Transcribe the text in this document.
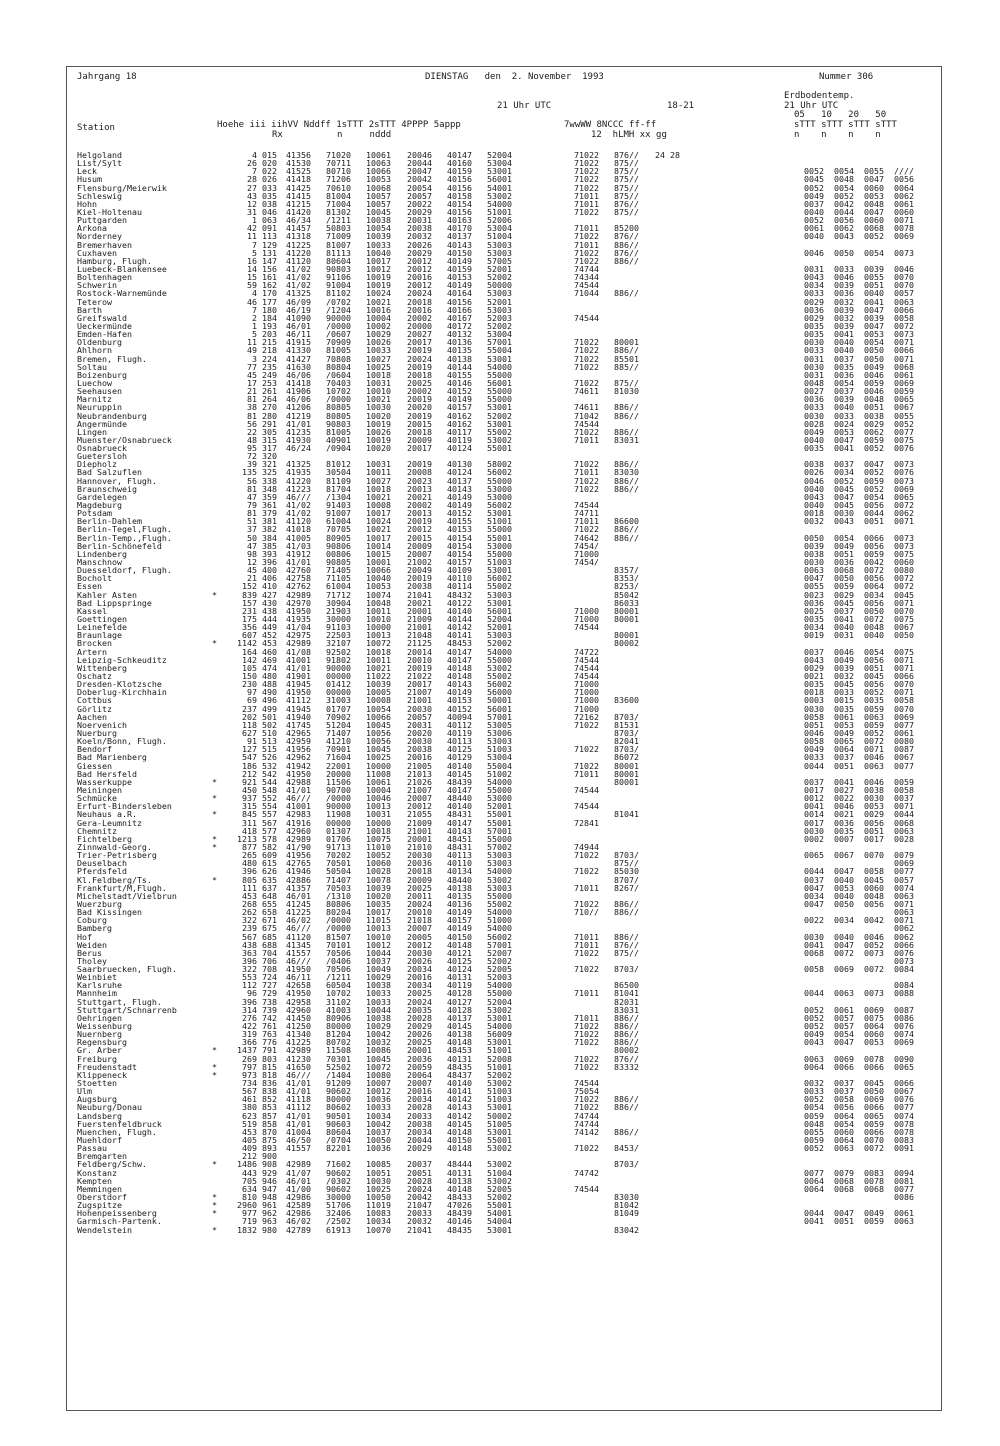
Jahrgang 18	DIENSTAG   den  2. November  1993	Nummer 306
Erdbodentemp.
21 Uhr UTC
21 Uhr UTC	18-21
05   10   20   50
Station	Hoehe iii iihVV Nddff 1sTTT 2sTTT 4PPPP 5appp
Rx          n     nddd
7wwWW 8NCCC ff-ff
12  hLMH xx gg
sTTT sTTT sTTT sTTT
n    n    n    n
Helgoland	4 015 41356 71020 10061 20046 40147 52004	71022 876// 24 28
List/Sylt	26 020 41530 70711 10063 20044 40160 53004	71022 875//
Leck	7 022 41525 80710 10066 20047 40159 53001	71022 875//	0052 0054 0055 ////
Husum	28 026 41418 71206 10053 20042 40156 56001	71022 875//	0045 0048 0047 0056
Flensburg/Meierwik	27 033 41425 70610 10068 20054 40156 54001	71022 875//	0052 0054 0060 0064
Schleswig	43 035 41415 81004 10057 20057 40158 53002	71011 875//	0049 0052 0053 0062
Hohn	12 038 41215 71004 10057 20022 40154 54000	71011 876//	0037 0042 0048 0061
Kiel-Holtenau	31 046 41420 81302 10045 20029 40156 51001	71022 875//	0040 0044 0047 0060
Puttgarden	1 063 46/34 /1211 10038 20031 40163 52006	0052 0056 0060 0071
Arkona	42 091 41457 50803 10054 20038 40170 53004	71011 85200	0061 0062 0068 0078
Norderney	11 113 41318 71009 10039 20032 40137 51004	71022 876//	0040 0043 0052 0069
Bremerhaven	7 129 41225 81007 10033 20026 40143 53003	71011 886//
Cuxhaven	5 131 41220 81113 10040 20029 40150 53003	71022 876//	0046 0050 0054 0073
Hamburg, Flugh.	16 147 41120 80604 10017 20012 40149 57005	71022 886//
Luebeck-Blankensee	14 156 41/02 90803 10012 20012 40159 52001	74744	0031 0033 0039 0046
Boltenhagen	15 161 41/02 91106 10019 20016 40153 52002	74344	0043 0046 0055 0070
Schwerin	59 162 41/02 91004 10019 20012 40149 50000	74544	0034 0039 0051 0070
Rostock-Warnemünde	4 170 41325 81102 10024 20024 40164 53003	71044 886//	0033 0036 0040 0057
Teterow	46 177 46/09 /0702 10021 20018 40156 52001	0029 0032 0041 0063
Barth	7 180 46/19 /1204 10016 20016 40166 53003	0036 0039 0047 0066
Greifswald	2 184 41090 90000 10004 20002 40167 52003	74544	0029 0032 0039 0058
Ueckermünde	1 193 46/01 /0000 10002 20000 40172 52002	0035 0039 0047 0072
Emden-Hafen	5 203 46/11 /0607 10029 20027 40132 53004	0035 0041 0053 0073
Oldenburg	11 215 41915 70909 10026 20017 40136 57001	71022 80001	0030 0040 0054 0071
Ahlhorn	49 218 41330 81005 10033 20019 40135 55004	71022 886//	0033 0040 0050 0066
Bremen, Flugh.	3 224 41427 70808 10027 20024 40138 53001	71022 85501	0031 0037 0050 0071
Soltau	77 235 41630 80804 10025 20019 40144 54000	71022 885//	0030 0035 0049 0068
Boizenburg	45 249 46/06 /0604 10018 20018 40155 55000	0031 0036 0046 0061
Luechow	17 253 41418 70403 10031 20025 40146 56001	71022 875//	0048 0054 0059 0069
Seehausen	21 261 41906 10702 10010 20002 40152 55000	74611 81030	0027 0037 0046 0059
Marnitz	81 264 46/06 /0000 10021 20019 40149 55000	0036 0039 0048 0065
Neuruppin	38 270 41206 80805 10030 20020 40157 53001	74611 886//	0033 0040 0051 0067
Neubrandenburg	81 280 41219 80805 10020 20019 40162 52002	71042 886//	0030 0033 0038 0055
Angermünde	56 291 41/01 90803 10019 20015 40162 53001	74544	0028 0024 0029 0052
Lingen	22 305 41235 81005 10026 20018 40117 55002	71022 886//	0049 0053 0062 0077
Muenster/Osnabrueck	48 315 41930 40901 10019 20009 40119 53002	71011 83031	0040 0047 0059 0075
Osnabrueck	95 317 46/24 /0904 10020 20017 40124 55001	0035 0041 0052 0076
Guetersloh	72 320
Diepholz	39 321 41325 81012 10031 20019 40130 58002	71022 886//	0038 0037 0047 0073
Bad Salzuflen	135 325 41935 30504 10011 20008 40124 56002	71011 83030	0026 0034 0052 0076
Hannover, Flugh.	56 338 41220 81109 10027 20023 40137 55000	71022 886//	0046 0052 0059 0073
Braunschweig	81 348 41223 81704 10018 20013 40143 53000	71022 886//	0040 0045 0052 0069
Gardelegen	47 359 46/// /1304 10021 20021 40149 53000	0043 0047 0054 0065
Magdeburg	79 361 41/02 91403 10008 20002 40149 56002	74544	0040 0045 0056 0072
Potsdam	81 379 41/02 91007 10017 20013 40152 53001	74711	0018 0030 0044 0062
Berlin-Dahlem	51 381 41120 61004 10024 20019 40155 51001	71011 86600	0032 0043 0051 0071
Berlin-Tegel,Flugh.	37 382 41018 70705 10021 20012 40153 55000	71022 886//
Berlin-Temp.,Flugh.	50 384 41005 80905 10017 20015 40154 55001	74642 886//	0050 0054 0066 0073
Berlin-Schönefeld	47 385 41/03 90806 10014 20009 40154 53000	7454/	0039 0049 0056 0073
Lindenberg	98 393 41912 00806 10015 20007 40154 55000	71000	0038 0051 0059 0075
Manschnow	12 396 41/01 90805 10001 21002 40157 51003	7454/	0030 0036 0042 0060
Duesseldorf, Flugh.	45 400 42760 71405 10066 20049 40109 53001	8357/	0063 0068 0072 0080
Bocholt	21 406 42758 71105 10040 20019 40110 56002	8353/	0047 0050 0056 0072
Essen	152 410 42762 61004 10053 20038 40114 55002	8253/	0055 0059 0064 0072
Kahler Asten	*	839 427 42989 71712 10074 21041 48432 53003	85042	0023 0029 0034 0045
Bad Lippspringe	157 430 42970 30904 10048 20021 40122 53001	86033	0036 0045 0056 0071
Kassel	231 438 41950 21903 10011 20001 40140 56001	71000 80001	0025 0037 0050 0070
Goettingen	175 444 41935 30000 10010 21009 40144 52004	71000 80001	0035 0041 0072 0075
Leinefelde	356 449 41/04 91103 10000 21001 40142 52001	74544	0034 0040 0048 0067
Braunlage	607 452 42975 22503 10013 21048 40141 53003	80001	0019 0031 0040 0050
Brocken	*	1142 453 42989 32107 10072 21125 48453 52002	80002
Artern	164 460 41/08 92502 10018 20014 40147 54000	74722	0037 0046 0054 0075
Leipzig-Schkeuditz	142 469 41001 91802 10011 20010 40147 55000	74544	0043 0049 0056 0071
Wittenberg	105 474 41/01 90000 10021 20019 40148 53002	74544	0029 0039 0051 0071
Oschatz	150 480 41901 00000 11022 21022 40148 55002	74544	0021 0032 0045 0066
Dresden-Klotzsche	230 488 41945 01412 10039 20017 40143 56002	71000	0035 0045 0056 0070
Doberlug-Kirchhain	97 490 41950 00000 10005 21007 40149 56000	71000	0018 0033 0052 0071
Cottbus	69 496 41112 31003 10008 21001 40153 50001	71000 83600	0003 0015 0035 0058
Görlitz	237 499 41945 01707 10054 20030 40152 56001	71000	0030 0035 0059 0070
Aachen	202 501 41940 70902 10066 20057 40094 57001	72162 8703/	0058 0061 0063 0069
Noervenich	118 502 41745 51204 10045 20031 40112 53005	71022 81531	0051 0053 0059 0077
Nuerburg	627 510 42965 71407 10056 20020 40119 53006	8703/	0046 0049 0052 0061
Koeln/Bonn, Flugh.	91 513 42959 41210 10056 20030 40113 53003	82041	0058 0065 0072 0080
Bendorf	127 515 41956 70901 10045 20038 40125 51003	71022 8703/	0049 0064 0071 0087
Bad Marienberg	547 526 42962 71604 10025 20016 40129 53004	86072	0033 0037 0046 0067
Giessen	186 532 41942 22001 10000 21005 40140 55004	71022 80001	0044 0051 0063 0077
Bad Hersfeld	212 542 41950 20000 11008 21013 40145 51002	71011 80001
Wasserkuppe	*	921 544 42988 11506 10061 21026 48439 54000	80001	0037 0041 0046 0059
Meiningen	450 548 41/01 90700 10004 21007 40147 55000	74544	0017 0027 0038 0058
Schmücke	*	937 552 46/// /0000 10046 20007 48440 53000	0012 0022 0030 0037
Erfurt-Bindersleben	315 554 41001 90000 10013 20012 40140 52001	74544	0041 0046 0053 0071
Neuhaus a.R.	*	845 557 42983 11908 10031 21055 48431 55001	81041	0014 0021 0029 0044
Gera-Leumnitz	311 567 41916 00000 10000 21009 40147 55001	72841	0017 0036 0056 0068
Chemnitz	418 577 42960 01307 10018 21001 40143 57001	0030 0035 0051 0063
Fichtelberg	*	1213 578 42989 01706 10075 20001 48451 55000	0002 0007 0017 0028
Zinnwald-Georg.	*	877 582 41/90 91713 11010 21010 48431 57002	74944
Trier-Petrisberg	265 609 41956 70202 10052 20030 40113 53003	71022 8703/	0065 0067 0070 0079
Deuselbach	480 615 42765 70501 10060 20036 40110 53003	875//	0069
Pferdsfeld	396 626 41946 50504 10028 20018 40134 54000	71022 85030	0044 0047 0058 0077
Kl.Feldberg/Ts.	*	805 635 42886 71407 10078 20009 48440 53002	8707/	0037 0040 0045 0057
Frankfurt/M,Flugh.	111 637 41357 70503 10039 20025 40138 53003	71011 8267/	0047 0053 0060 0074
Michelstadt/Vielbrun	453 648 46/01 /1310 10020 20011 40135 55000	0034 0040 0048 0063
Wuerzburg	268 655 41245 80806 10035 20024 40136 55002	71022 886//	0047 0050 0056 0071
Bad Kissingen	262 658 41225 80204 10017 20010 40149 54000	710// 886//	0063
Coburg	322 671 46/02 /0000 11015 21018 40157 51000	0022 0034 0042 0071
Bamberg	239 675 46/// /0000 10013 20007 40149 54000	0062
Hof	567 685 41120 81507 10010 20005 40150 56002	71011 886//	0030 0040 0046 0062
Weiden	438 688 41345 70101 10012 20012 40148 57001	71011 876//	0041 0047 0052 0066
Berus	363 704 41557 70506 10044 20030 40121 52007	71022 875//	0068 0072 0073 0076
Tholey	396 706 46/// /0406 10037 20026 40125 52002	0073
Saarbruecken, Flugh.	322 708 41950 70506 10049 20034 40124 52005	71022 8703/	0058 0069 0072 0084
Weinbiet	553 724 46/11 /1211 10029 20016 40131 52003
Karlsruhe	112 727 42658 60504 10038 20034 40119 54000	86500	0084
Mannheim	96 729 41950 10702 10033 20025 40128 55000	71011 81041	0044 0063 0073 0088
Stuttgart, Flugh.	396 738 42958 31102 10033 20024 40127 52004	82031
Stuttgart/Schnarrenb	314 739 42960 41003 10044 20035 40128 53002	83031	0052 0061 0069 0087
Oehringen	276 742 41450 80906 10038 20028 40137 53001	71011 886//	0052 0057 0075 0086
Weissenburg	422 761 41250 80000 10029 20029 40145 54000	71022 886//	0052 0057 0064 0076
Nuernberg	319 763 41340 81204 10042 20026 40138 56009	71022 886//	0049 0054 0060 0074
Regensburg	366 776 41225 80702 10032 20025 40148 53001	71022 886//	0043 0047 0053 0069
Gr. Arber	*	1437 791 42989 11508 10086 20001 48453 51001	80002
Freiburg	269 803 41230 70301 10045 20036 40131 52008	71022 876//	0063 0069 0078 0090
Freudenstadt	*	797 815 41650 52502 10072 20059 48435 51001	71022 83332	0064 0066 0066 0065
Klippeneck	*	973 818 46/// /1404 10080 20064 48437 52002
Stoetten	734 836 41/01 91209 10007 20007 40140 53002	74544	0032 0037 0045 0066
Ulm	567 838 41/01 90602 10012 20016 40141 51003	75054	0033 0037 0050 0067
Augsburg	461 852 41118 80000 10036 20034 40142 51003	71022 886//	0052 0058 0069 0076
Neuburg/Donau	380 853 41112 80602 10033 20028 40143 53001	71022 886//	0054 0056 0066 0077
Landsberg	623 857 41/01 90501 10034 20033 40142 50002	74744	0059 0064 0065 0074
Fuerstenfeldbruck	519 858 41/01 90603 10042 20038 40145 51005	74744	0048 0054 0059 0078
Muenchen, Flugh.	453 870 41004 80604 10037 20034 40148 53001	74142 886//	0055 0060 0066 0078
Muehldorf	405 875 46/50 /0704 10050 20044 40150 55001	0059 0064 0070 0083
Passau	409 893 41557 82201 10036 20029 40148 53002	71022 8453/	0052 0063 0072 0091
Bremgarten	212 900
Feldberg/Schw.	*	1486 908 42989 71602 10085 20037 48444 53002	8703/
Konstanz	443 929 41/07 90602 10051 20051 40131 51004	74742	0077 0079 0083 0094
Kempten	705 946 46/01 /0302 10030 20028 40138 53002	0064 0068 0078 0081
Memmingen	634 947 41/00 90602 10025 20024 40148 52005	74544	0064 0068 0068 0077
Oberstdorf	*	810 948 42986 30000 10050 20042 48433 52002	83030	0086
Zugspitze	*	2960 961 42589 51706 11019 21047 47026 55001	81042
Hohenpeissenberg	*	977 962 42986 32406 10083 20033 48439 54001	81049	0044 0047 0049 0061
Garmisch-Partenk.	719 963 46/02 /2502 10034 20032 40146 54004	0041 0051 0059 0063
Wendelstein	*	1832 980 42789 61913 10070 21041 48435 53001	83042
